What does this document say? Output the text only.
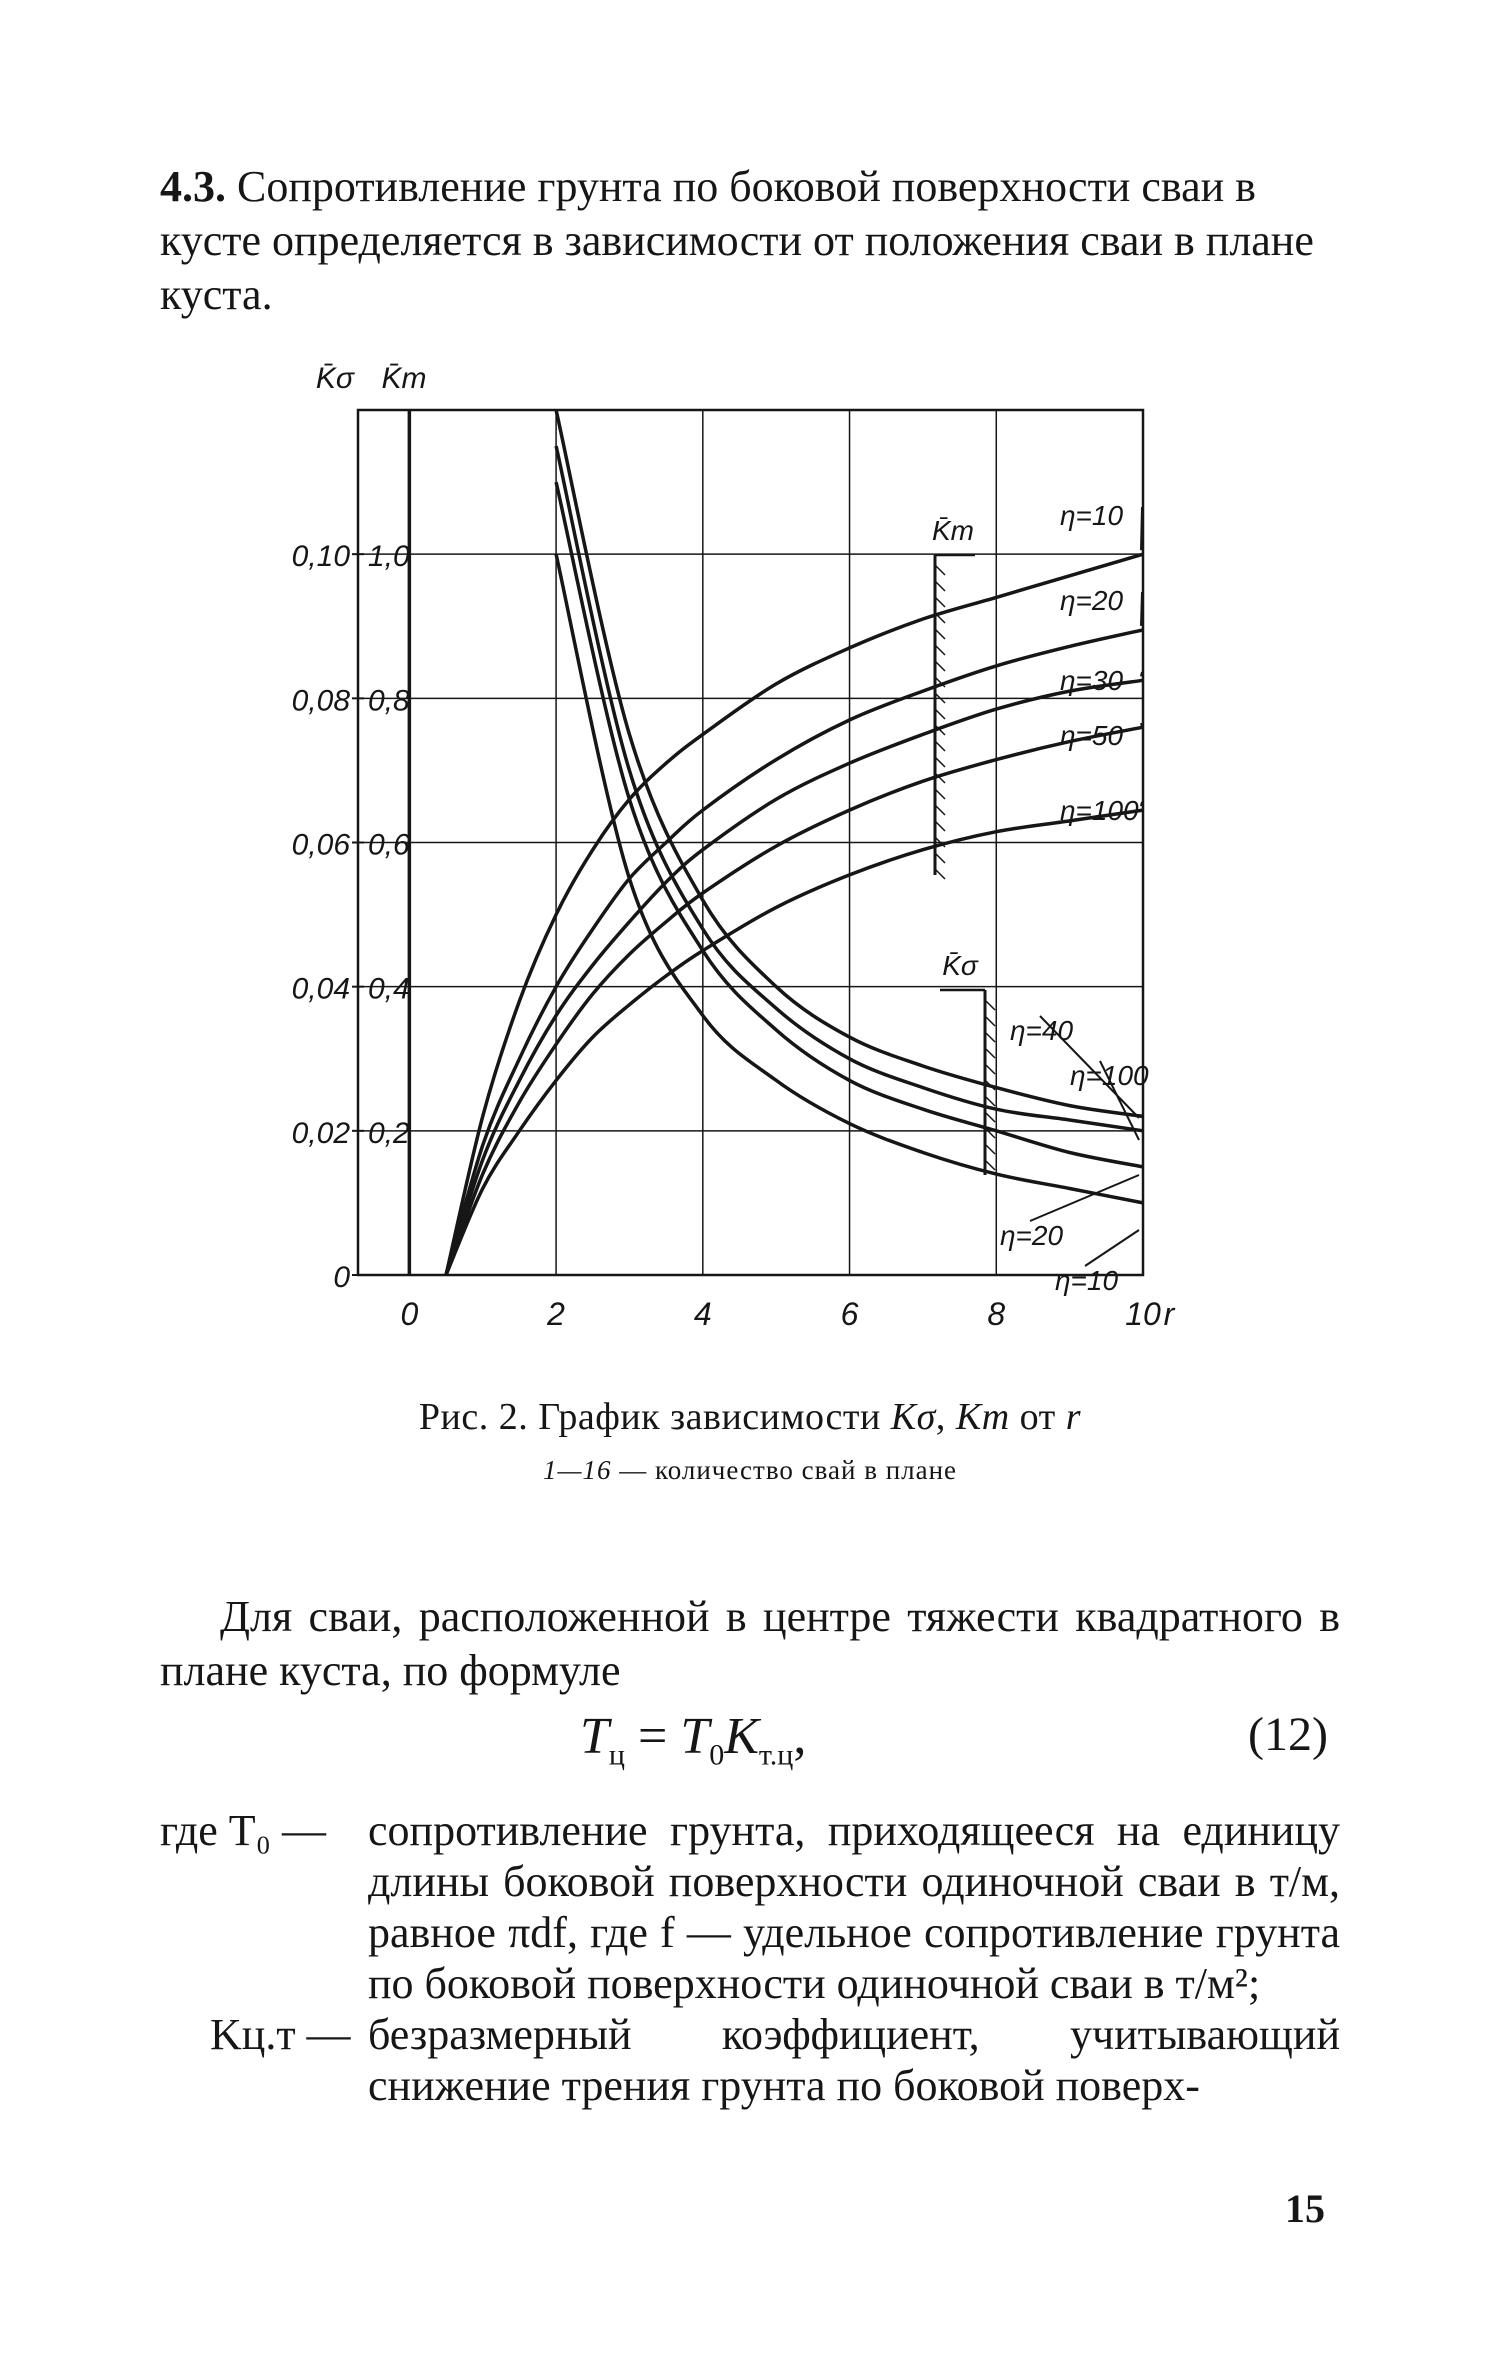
4.3. Сопротивление грунта по боковой поверхности сваи в кусте определяется в зависимости от положения сваи в плане куста.

0
0,02
0,04
0,06
0,08
0,10
0,2
0,4
0,6
0,8
1,0
0	2	4	6	8	10 r
K̄σ K̄т
η=10
η=20
η=30
η=50
η=100
η=40
η=100
η=20
η=10
K̄т
K̄σ

Рис. 2. График зависимости Kσ, Kт от r

1—16 — количество свай в плане

Для сваи, расположенной в центре тяжести квадратного в плане куста, по формуле

$T_ц = T_0K_{т.ц}$,	(12)
где T₀ — сопротивление грунта, приходящееся на единицу длины боковой поверхности одиночной сваи в т/м, равное πdf, где f — удельное сопротивление грунта по боковой поверхности одиночной сваи в т/м²;
Kц.т — безразмерный коэффициент, учитывающий снижение трения грунта по боковой поверх-
15
